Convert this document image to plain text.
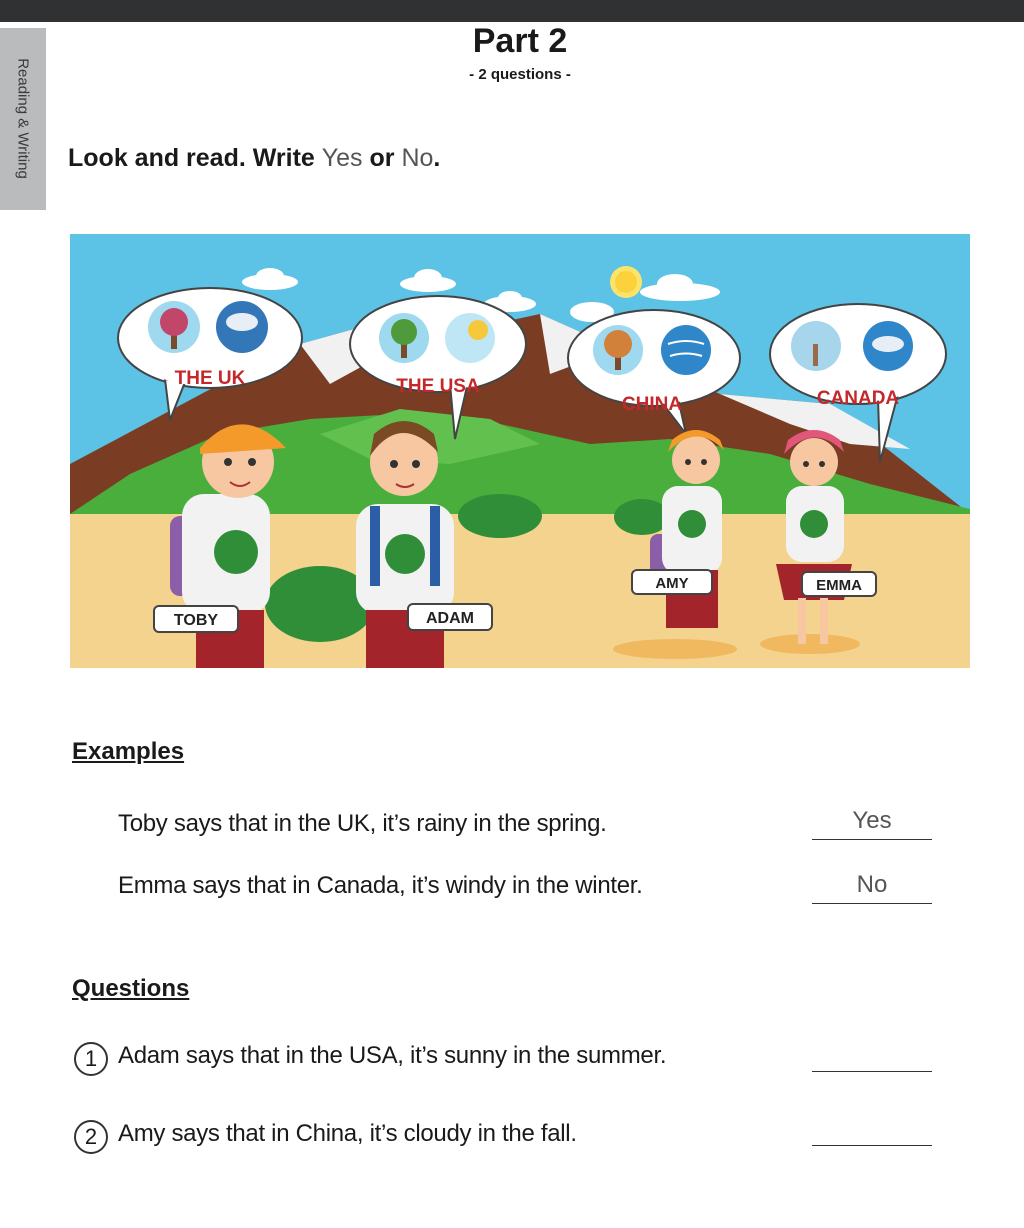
Reading & Writing
Part 2
- 2 questions -
Look and read. Write Yes or No.
THE UK	THE USA
CHINA	CANADA
TOBY	ADAM
AMY	EMMA
Examples
Toby says that in the UK, it’s rainy in the spring.	Yes
Emma says that in Canada, it’s windy in the winter.	No
Questions
1 Adam says that in the USA, it’s sunny in the summer.
2 Amy says that in China, it’s cloudy in the fall.
